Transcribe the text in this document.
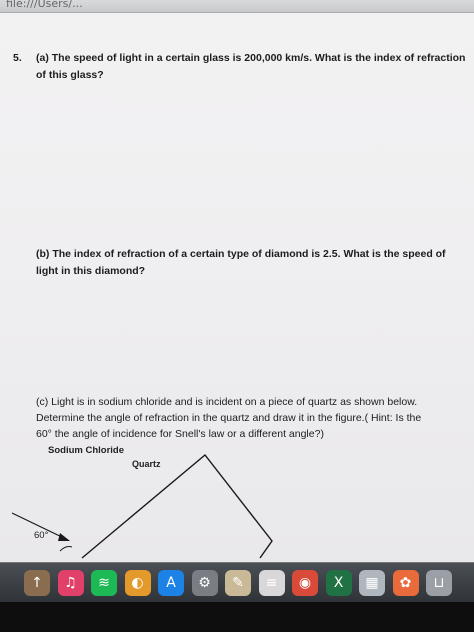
file:///Users/...
5. (a) The speed of light in a certain glass is 200,000 km/s. What is the index of refraction of this glass?
(b) The index of refraction of a certain type of diamond is 2.5. What is the speed of light in this diamond?
(c) Light is in sodium chloride and is incident on a piece of quartz as shown below. Determine the angle of refraction in the quartz and draw it in the figure.( Hint: Is the 60° the angle of incidence for Snell's law or a different angle?)
Sodium Chloride
Quartz
60°
↑	♫	≋	◐	A	⚙	✎	≡	◉	X	▦	✿	⊔
